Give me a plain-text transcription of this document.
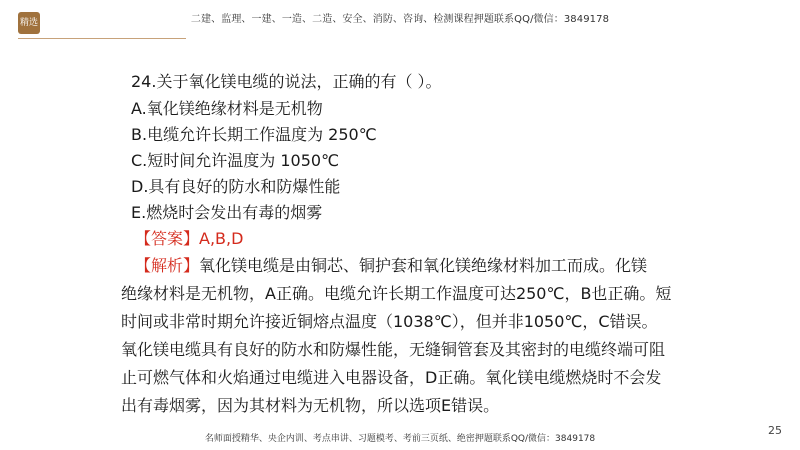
精选	二建、监理、一建、一造、二造、安全、消防、咨询、检测课程押题联系QQ/微信：3849178
24.关于氧化镁电缆的说法，正确的有（ ）。
A.氧化镁绝缘材料是无机物
B.电缆允许长期工作温度为 250℃
C.短时间允许温度为 1050℃
D.具有良好的防水和防爆性能
E.燃烧时会发出有毒的烟雾
【答案】A,B,D
【解析】氧化镁电缆是由铜芯、铜护套和氧化镁绝缘材料加工而成。化镁
绝缘材料是无机物，A正确。电缆允许长期工作温度可达250℃，B也正确。短
时间或非常时期允许接近铜熔点温度（1038℃），但并非1050℃，C错误。
氧化镁电缆具有良好的防水和防爆性能，无缝铜管套及其密封的电缆终端可阻
止可燃气体和火焰通过电缆进入电器设备，D正确。氧化镁电缆燃烧时不会发
出有毒烟雾，因为其材料为无机物，所以选项E错误。
25
名师面授精华、央企内训、考点串讲、习题模考、考前三页纸、绝密押题联系QQ/微信：3849178
